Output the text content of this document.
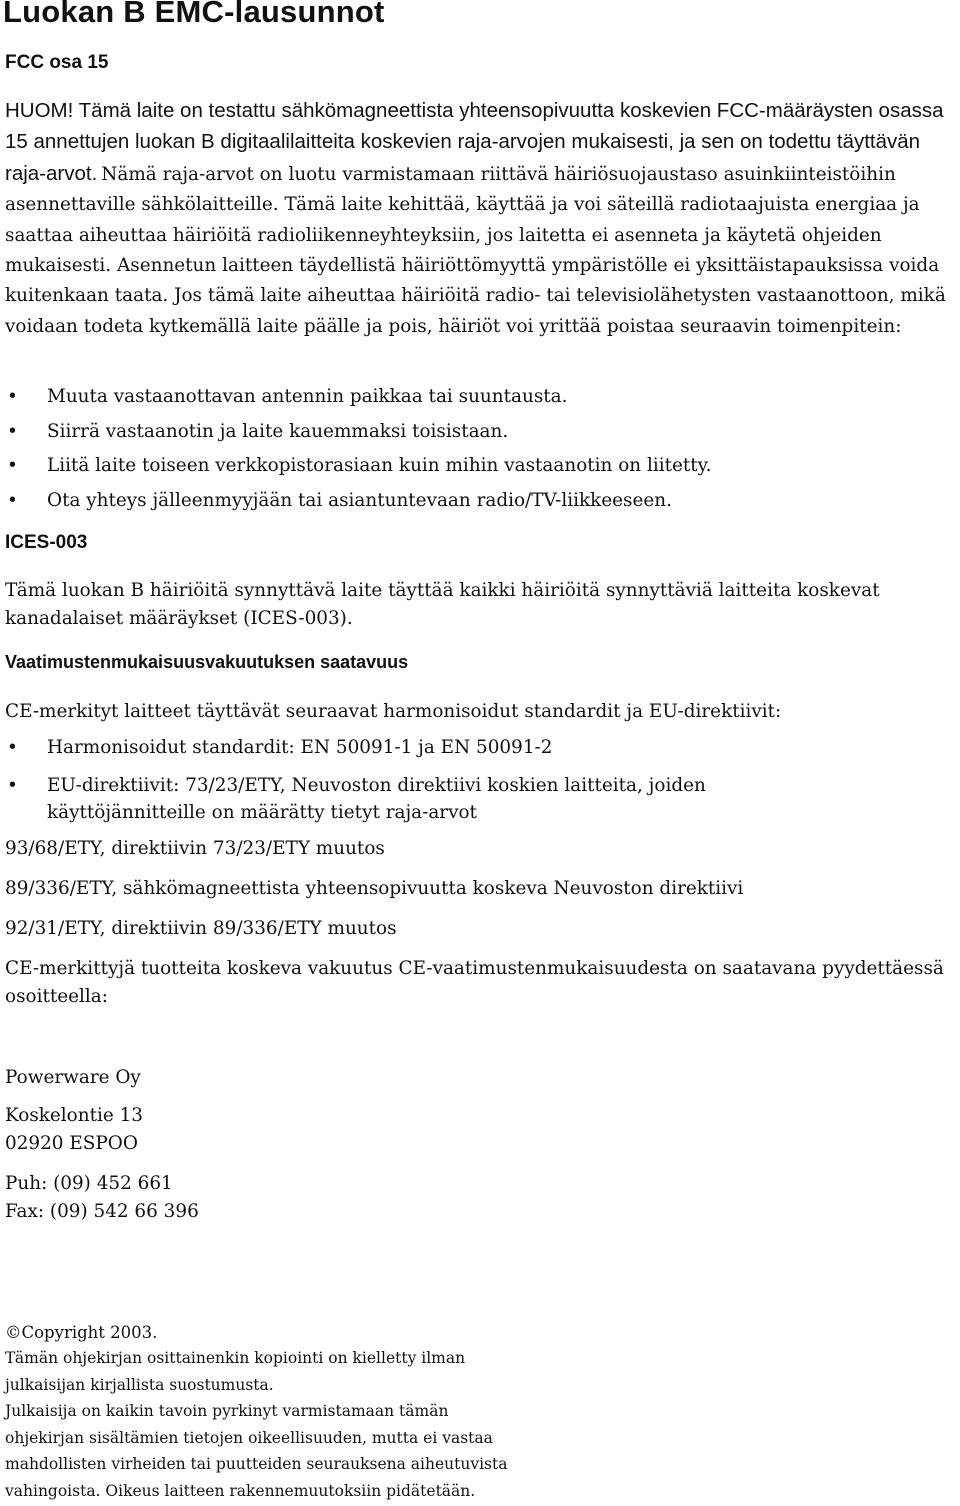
Luokan B EMC-lausunnot
FCC osa 15
HUOM! Tämä laite on testattu sähkömagneettista yhteensopivuutta koskevien FCC-määräysten osassa 15 annettujen luokan B digitaalilaitteita koskevien raja-arvojen mukaisesti, ja sen on todettu täyttävän raja-arvot. Nämä raja-arvot on luotu varmistamaan riittävä häiriösuojaustaso asuinkiinteistöihin asennettaville sähkölaitteille. Tämä laite kehittää, käyttää ja voi säteillä radiotaajuista energiaa ja saattaa aiheuttaa häiriöitä radioliikenneyhteyksiin, jos laitetta ei asenneta ja käytetä ohjeiden mukaisesti. Asennetun laitteen täydellistä häiriöttömyyttä ympäristölle ei yksittäistapauksissa voida kuitenkaan taata. Jos tämä laite aiheuttaa häiriöitä radio- tai televisiolähetysten vastaanottoon, mikä voidaan todeta kytkemällä laite päälle ja pois, häiriöt voi yrittää poistaa seuraavin toimenpitein:
• Muuta vastaanottavan antennin paikkaa tai suuntausta.
• Siirrä vastaanotin ja laite kauemmaksi toisistaan.
• Liitä laite toiseen verkkopistorasiaan kuin mihin vastaanotin on liitetty.
• Ota yhteys jälleenmyyjään tai asiantuntevaan radio/TV-liikkeeseen.
ICES-003
Tämä luokan B häiriöitä synnyttävä laite täyttää kaikki häiriöitä synnyttäviä laitteita koskevat kanadalaiset määräykset (ICES-003).
Vaatimustenmukaisuusvakuutuksen saatavuus
CE-merkityt laitteet täyttävät seuraavat harmonisoidut standardit ja EU-direktiivit:
• Harmonisoidut standardit: EN 50091-1 ja EN 50091-2
• EU-direktiivit: 73/23/ETY, Neuvoston direktiivi koskien laitteita, joiden
käyttöjännitteille on määrätty tietyt raja-arvot
93/68/ETY, direktiivin 73/23/ETY muutos
89/336/ETY, sähkömagneettista yhteensopivuutta koskeva Neuvoston direktiivi
92/31/ETY, direktiivin 89/336/ETY muutos
CE-merkittyjä tuotteita koskeva vakuutus CE-vaatimustenmukaisuudesta on saatavana pyydettäessä osoitteella:
Powerware Oy
Koskelontie 13
02920 ESPOO
Puh: (09) 452 661
Fax: (09) 542 66 396
©Copyright 2003.
Tämän ohjekirjan osittainenkin kopiointi on kielletty ilman
julkaisijan kirjallista suostumusta.
Julkaisija on kaikin tavoin pyrkinyt varmistamaan tämän
ohjekirjan sisältämien tietojen oikeellisuuden, mutta ei vastaa
mahdollisten virheiden tai puutteiden seurauksena aiheutuvista
vahingoista. Oikeus laitteen rakennemuutoksiin pidätetään.
